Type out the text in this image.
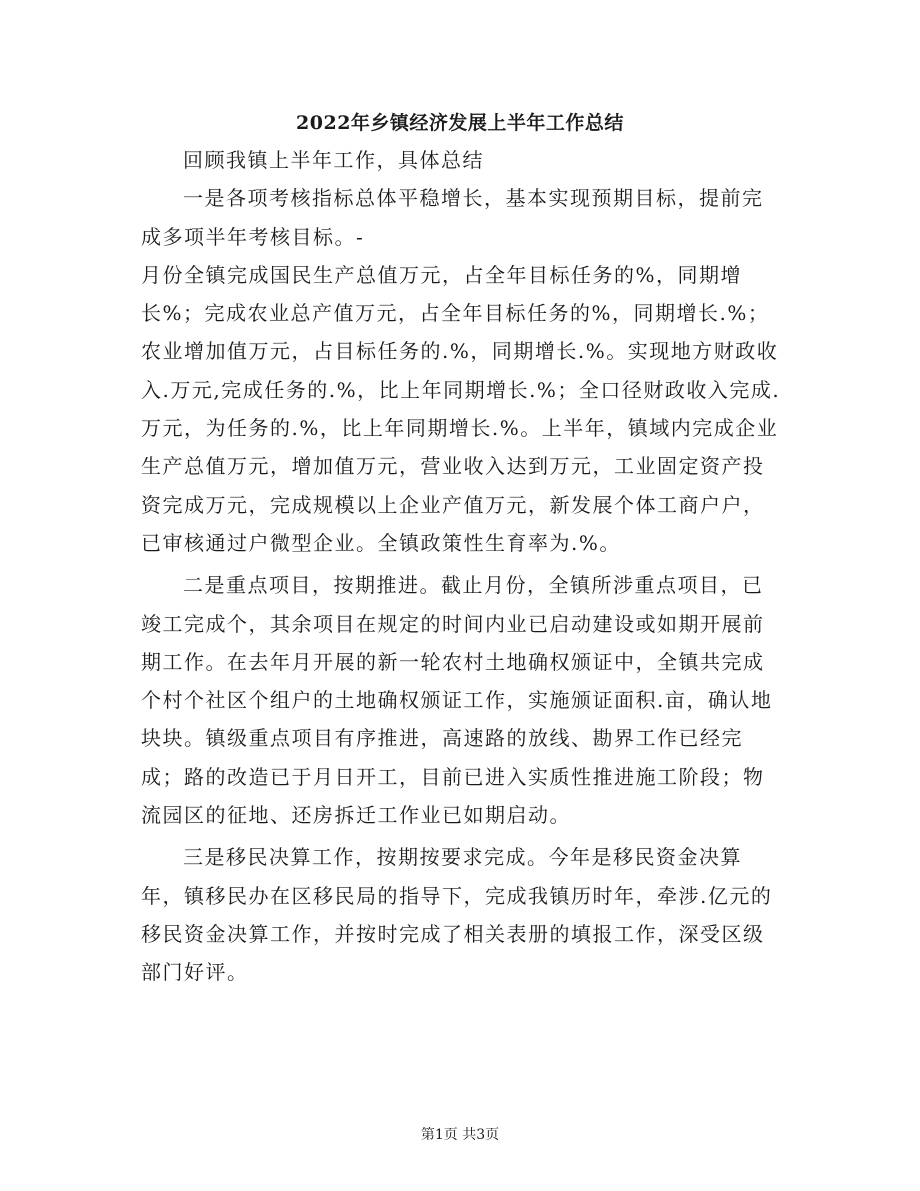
2022年乡镇经济发展上半年工作总结

回顾我镇上半年工作，具体总结

一是各项考核指标总体平稳增长，基本实现预期目标，提前完成多项半年考核目标。-

月份全镇完成国民生产总值万元，占全年目标任务的%，同期增长%；完成农业总产值万元，占全年目标任务的%，同期增长.%；农业增加值万元，占目标任务的.%，同期增长.%。实现地方财政收入.万元,完成任务的.%，比上年同期增长.%；全口径财政收入完成.万元，为任务的.%，比上年同期增长.%。上半年，镇域内完成企业生产总值万元，增加值万元，营业收入达到万元，工业固定资产投资完成万元，完成规模以上企业产值万元，新发展个体工商户户，已审核通过户微型企业。全镇政策性生育率为.%。

二是重点项目，按期推进。截止月份，全镇所涉重点项目，已竣工完成个，其余项目在规定的时间内业已启动建设或如期开展前期工作。在去年月开展的新一轮农村土地确权颁证中，全镇共完成个村个社区个组户的土地确权颁证工作，实施颁证面积.亩，确认地块块。镇级重点项目有序推进，高速路的放线、勘界工作已经完成；路的改造已于月日开工，目前已进入实质性推进施工阶段；物流园区的征地、还房拆迁工作业已如期启动。

三是移民决算工作，按期按要求完成。今年是移民资金决算年，镇移民办在区移民局的指导下，完成我镇历时年，牵涉.亿元的移民资金决算工作，并按时完成了相关表册的填报工作，深受区级部门好评。

第1页 共3页
